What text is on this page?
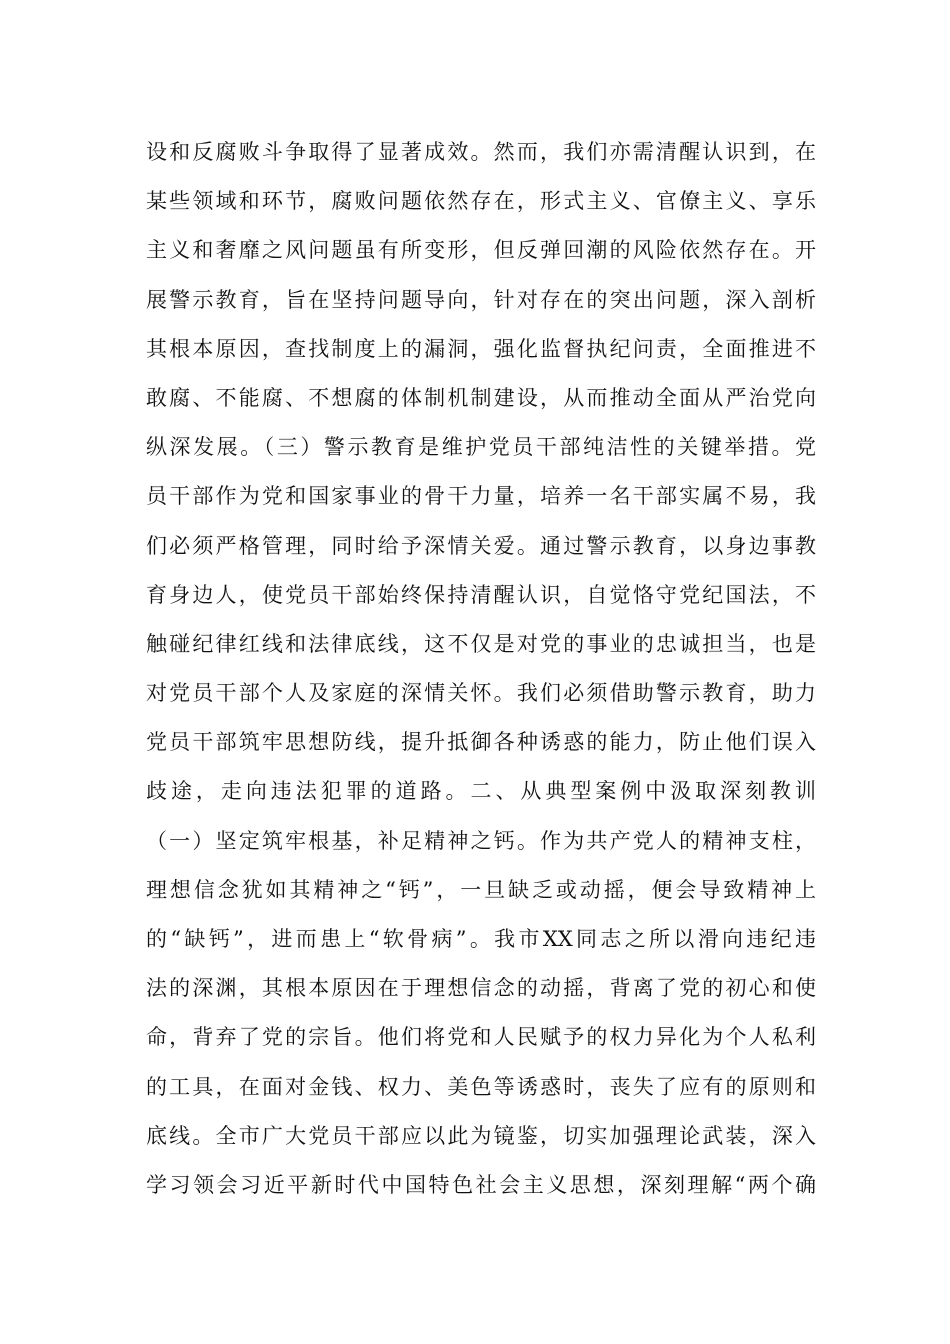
设和反腐败斗争取得了显著成效。然而，我们亦需清醒认识到，在
某些领域和环节，腐败问题依然存在，形式主义、官僚主义、享乐
主义和奢靡之风问题虽有所变形，但反弹回潮的风险依然存在。开
展警示教育，旨在坚持问题导向，针对存在的突出问题，深入剖析
其根本原因，查找制度上的漏洞，强化监督执纪问责，全面推进不
敢腐、不能腐、不想腐的体制机制建设，从而推动全面从严治党向
纵深发展。（三）警示教育是维护党员干部纯洁性的关键举措。党
员干部作为党和国家事业的骨干力量，培养一名干部实属不易，我
们必须严格管理，同时给予深情关爱。通过警示教育，以身边事教
育身边人，使党员干部始终保持清醒认识，自觉恪守党纪国法，不
触碰纪律红线和法律底线，这不仅是对党的事业的忠诚担当，也是
对党员干部个人及家庭的深情关怀。我们必须借助警示教育，助力
党员干部筑牢思想防线，提升抵御各种诱惑的能力，防止他们误入
歧途，走向违法犯罪的道路。二、从典型案例中汲取深刻教训
（一）坚定筑牢根基，补足精神之钙。作为共产党人的精神支柱，
理想信念犹如其精神之“钙”，一旦缺乏或动摇，便会导致精神上
的“缺钙”，进而患上“软骨病”。我市XX同志之所以滑向违纪违
法的深渊，其根本原因在于理想信念的动摇，背离了党的初心和使
命，背弃了党的宗旨。他们将党和人民赋予的权力异化为个人私利
的工具，在面对金钱、权力、美色等诱惑时，丧失了应有的原则和
底线。全市广大党员干部应以此为镜鉴，切实加强理论武装，深入
学习领会习近平新时代中国特色社会主义思想，深刻理解“两个确
